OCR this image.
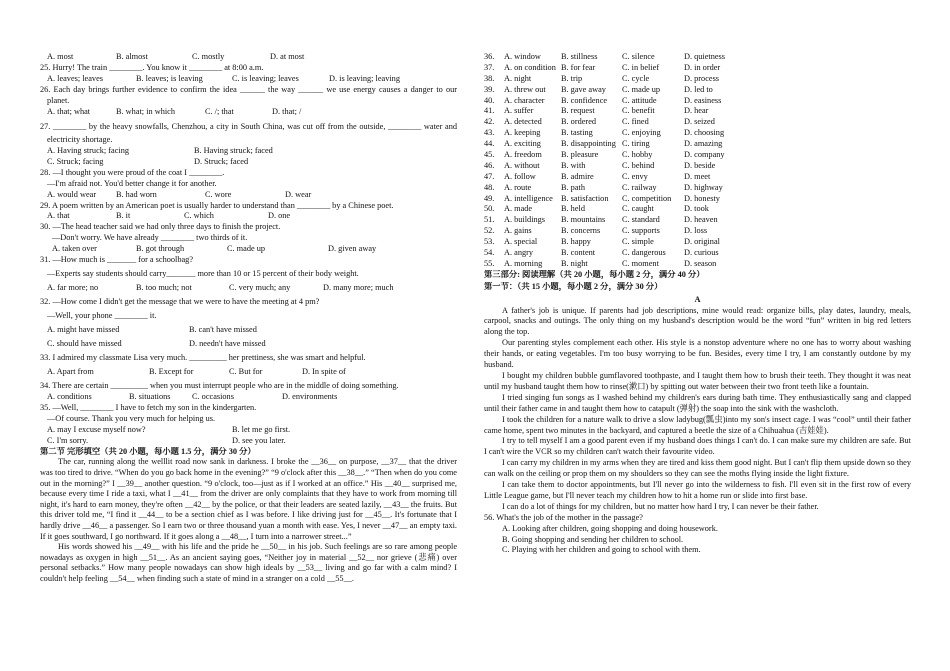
A. most	B. almost	C. mostly	D. at most
25. Hurry! The train ________. You know it ________ at 8:00 a.m.
A. leaves; leaves	B. leaves; is leaving	C. is leaving; leaves	D. is leaving; leaving
26. Each day brings further evidence to confirm the idea ______ the way ______ we use energy causes a danger to our planet.
A. that; what	B. what; in which	C. /; that	D. that; /
27. ________ by the heavy snowfalls, Chenzhou, a city in South China, was cut off from the outside, ________ water and electricity shortage.
A. Having struck; facing	B. Having struck; faced
C. Struck; facing	D. Struck; faced
28. —I thought you were proud of the coat I ________.
—I'm afraid not. You'd better change it for another.
A. would wear B. had worn	C. wore	D. wear
29. A poem written by an American poet is usually harder to understand than ________ by a Chinese poet.
A. that	B. it	C. which	D. one
30. —The head teacher said we had only three days to finish the project.
—Don't worry. We have already ________ two thirds of it.
A. taken over	B. got through	C. made up	D. given away
31. —How much is _______ for a schoolbag?
—Experts say students should carry_______ more than 10 or 15 percent of their body weight.
A. far more; no	B. too much; not	C. very much; any	D. many more; much
32. —How come I didn't get the message that we were to have the meeting at 4 pm?
—Well, your phone ________ it.
A. might have missed	B. can't have missed
C. should have missed	D. needn't have missed
33. I admired my classmate Lisa very much. _________ her prettiness, she was smart and helpful.
A. Apart from	B. Except for	C. But for	D. In spite of
34. There are certain _________ when you must interrupt people who are in the middle of doing something.
A. conditions	B. situations	C. occasions	D. environments
35. —Well, ________ I have to fetch my son in the kindergarten.
—Of course. Thank you very much for helping us.
A. may I excuse myself now?	B. let me go first.
C. I'm sorry.	D. see you later.
第二节 完形填空（共 20 小题，每小题 1.5 分，满分 30 分）
The car, running along the welllit road now sank in darkness. I broke the __36__ on purpose, __37__ that the driver was too tired to drive. “When do you go back home in the evening?” “9 o'clock after this __38__.” “Then when do you come out in the morning?” I __39__ another question. “9 o'clock, too—just as if I worked at an office.” His __40__ surprised me, because every time I ride a taxi, what I __41__ from the driver are only complaints that they have to work from morning till night, it's hard to earn money, they're often __42__ by the police, or that their leaders are seated lazily, __43__ the fruits. But this driver told me, “I find it __44__ to be a section chief as I was before. I like driving just for __45__. It's fortunate that I hardly drive __46__ a passenger. So I earn two or three thousand yuan a month with ease. Yes, I never __47__ an empty taxi. If it goes southward, I go northward. If it goes along a __48__, I turn into a narrower street...”
His words showed his __49__ with his life and the pride he __50__ in his job. Such feelings are so rare among people nowadays as oxygen in high __51__. As an ancient saying goes, “Neither joy in material __52__ nor grieve (悲痛) over personal setbacks.” How many people nowadays can show high ideals by __53__ living and go far with a calm mind? I couldn't help feeling __54__ when finding such a state of mind in a stranger on a cold __55__.
36. A. window B. stillness	C. silence	D. quietness
37. A. on condition B. for fear	C. in belief	D. in order
38. A. night	B. trip	C. cycle	D. process
39. A. threw out B. gave away C. made up	D. led to
40. A. character B. confidence C. attitude	D. easiness
41. A. suffer	B. request	C. benefit	D. hear
42. A. detected B. ordered	C. fined	D. seized
43. A. keeping B. tasting	C. enjoying	D. choosing
44. A. exciting B. disappointing C. tiring	D. amazing
45. A. freedom B. pleasure	C. hobby	D. company
46. A. without	B. with	C. behind	D. beside
47. A. follow	B. admire	C. envy	D. meet
48. A. route	B. path	C. railway	D. highway
49. A. intelligence B. satisfaction C. competition D. honesty
50. A. made	B. held	C. caught	D. took
51. A. buildings B. mountains C. standard	D. heaven
52. A. gains	B. concerns	C. supports	D. loss
53. A. special	B. happy	C. simple	D. original
54. A. angry	B. content	C. dangerous D. curious
55. A. morning B. night	C. moment	D. season
第三部分: 阅读理解（共 20 小题，每小题 2 分，满分 40 分）
第一节：（共 15 小题，每小题 2 分，满分 30 分）
A
A father's job is unique. If parents had job descriptions, mine would read: organize bills, play dates, laundry, meals, carpool, snacks and outings. The only thing on my husband's description would be the word “fun” written in big red letters along the top.
Our parenting styles complement each other. His style is a nonstop adventure where no one has to worry about washing their hands, or eating vegetables. I'm too busy worrying to be fun. Besides, every time I try, I am constantly outdone by my husband.
I bought my children bubble gumflavored toothpaste, and I taught them how to brush their teeth. They thought it was neat until my husband taught them how to rinse(漱口) by spitting out water between their two front teeth like a fountain.
I tried singing fun songs as I washed behind my children's ears during bath time. They enthusiastically sang and clapped until their father came in and taught them how to catapult (弹射) the soap into the sink with the washcloth.
I took the children for a nature walk to drive a slow ladybug(瓢虫)into my son's insect cage. I was “cool” until their father came home, spent two minutes in the backyard, and captured a beetle the size of a Chihuahua (吉娃娃).
I try to tell myself I am a good parent even if my husband does things I can't do. I can make sure my children are safe. But I can't wire the VCR so my children can't watch their favourite video.
I can carry my children in my arms when they are tired and kiss them good night. But I can't flip them upside down so they can walk on the ceiling or prop them on my shoulders so they can see the moths flying inside the light fixture.
I can take them to doctor appointments, but I'll never go into the wilderness to fish. I'll even sit in the first row of every Little League game, but I'll never teach my children how to hit a home run or slide into first base.
I can do a lot of things for my children, but no matter how hard I try, I can never be their father.
56. What's the job of the mother in the passage?
A. Looking after children, going shopping and doing housework.
B. Going shopping and sending her children to school.
C. Playing with her children and going to school with them.
